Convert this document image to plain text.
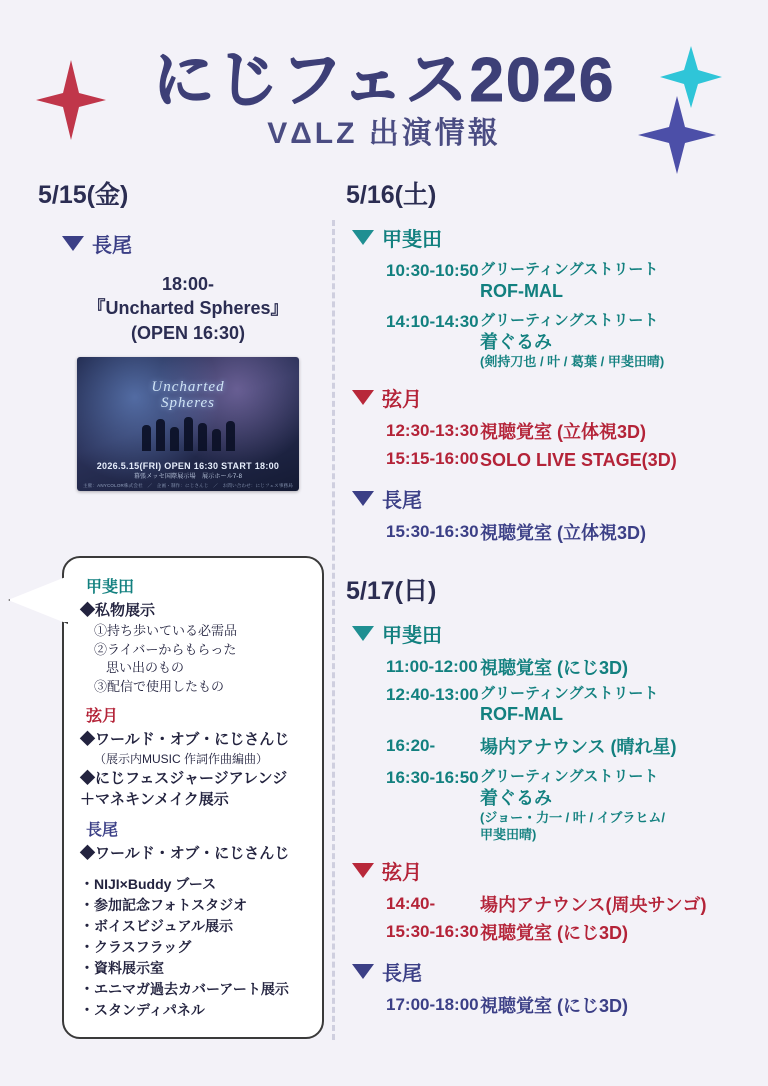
にじフェス2026
VΔLZ 出演情報
5/15(金)
長尾
18:00-
『Uncharted Spheres』
(OPEN 16:30)
Uncharted
Spheres
2026.5.15(FRI) OPEN 16:30 START 18:00
幕張メッセ国際展示場　展示ホール7-8
主催：ANYCOLOR株式会社　／　企画・制作：にじさんじ　／　お問い合わせ：にじフェス事務局
甲斐田
◆私物展示
①持ち歩いている必需品
②ライバーからもらった
思い出のもの
③配信で使用したもの
弦月
◆ワールド・オブ・にじさんじ
（展示内MUSIC 作詞作曲編曲）
◆にじフェスジャージアレンジ
＋マネキンメイク展示
長尾
◆ワールド・オブ・にじさんじ
・NIJI×Buddy ブース
・参加記念フォトスタジオ
・ボイスビジュアル展示
・クラスフラッグ
・資料展示室
・エニマガ過去カバーアート展示
・スタンディパネル
5/16(土)
甲斐田
10:30-10:50 グリーティングストリート
ROF-MAL
14:10-14:30 グリーティングストリート
着ぐるみ
(剣持刀也 / 叶 / 葛葉 / 甲斐田晴)
弦月
12:30-13:30 視聴覚室 (立体視3D)
15:15-16:00 SOLO LIVE STAGE(3D)
長尾
15:30-16:30 視聴覚室 (立体視3D)
5/17(日)
甲斐田
11:00-12:00 視聴覚室 (にじ3D)
12:40-13:00 グリーティングストリート
ROF-MAL
16:20-	場内アナウンス (晴れ星)
16:30-16:50 グリーティングストリート
着ぐるみ
(ジョー・力一 / 叶 / イブラヒム/
甲斐田晴)
弦月
14:40-	場内アナウンス(周央サンゴ)
15:30-16:30 視聴覚室 (にじ3D)
長尾
17:00-18:00 視聴覚室 (にじ3D)
